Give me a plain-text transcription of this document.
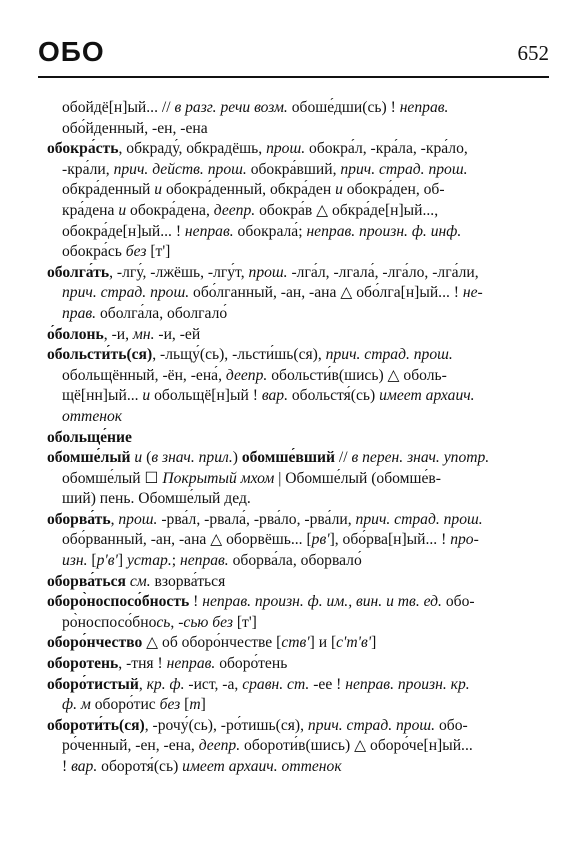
ОБО	652
обойдё[н]ый... // в разг. речи возм. обоше́дши(сь) ! неправ.
обо́йденный, -ен, -ена
обокра́сть, обкраду́, обкрадёшь, прош. обокра́л, -кра́ла, -кра́ло,
-кра́ли, прич. действ. прош. обокра́вший, прич. страд. прош.
обкра́денный и обокра́денный, обкра́ден и обокра́ден, об-
кра́дена и обокра́дена, деепр. обокра́в △ обкра́де[н]ый...,
обокра́де[н]ый... ! неправ. обокрала́; неправ. произн. ф. инф.
обокра́сь без [т']
оболга́ть, -лгу́, -лжёшь, -лгу́т, прош. -лга́л, -лгала́, -лга́ло, -лга́ли,
прич. страд. прош. обо́лганный, -ан, -ана △ обо́лга[н]ый... ! не-
прав. оболга́ла, оболгало́
о́болонь, -и, мн. -и, -ей
обольсти́ть(ся), -льщу́(сь), -льсти́шь(ся), прич. страд. прош.
обольщённый, -ён, -ена́, деепр. обольсти́в(шись) △ оболь-
щё[нн]ый... и обольщё[н]ый ! вар. обольстя́(сь) имеет архаич.
оттенок
обольще́ние
обомше́лый и (в знач. прил.) обомше́вший // в перен. знач. употр.
обомше́лый ☐ Покрытый мхом | Обомше́лый (обомше́в-
ший) пень. Обомше́лый дед.
оборва́ть, прош. -рва́л, -рвала́, -рва́ло, -рва́ли, прич. страд. прош.
обо́рванный, -ан, -ана △ оборвёшь... [рв'], обо́рва[н]ый... ! про-
изн. [р'в'] устар.; неправ. оборва́ла, оборвало́
оборва́ться см. взорва́ться
оборо̀носпосо́бность ! неправ. произн. ф. им., вин. и тв. ед. обо-
ро̀носпосо́бнось, -сью без [т']
оборо́нчество △ об оборо́нчестве [ств'] и [с'т'в']
оборотень, -тня ! неправ. оборо́тень
оборо́тистый, кр. ф. -ист, -а, сравн. ст. -ее ! неправ. произн. кр.
ф. м оборо́тис без [т]
обороти́ть(ся), -рочу́(сь), -ро́тишь(ся), прич. страд. прош. обо-
ро́ченный, -ен, -ена, деепр. обороти́в(шись) △ оборо́че[н]ый...
! вар. оборотя́(сь) имеет архаич. оттенок
